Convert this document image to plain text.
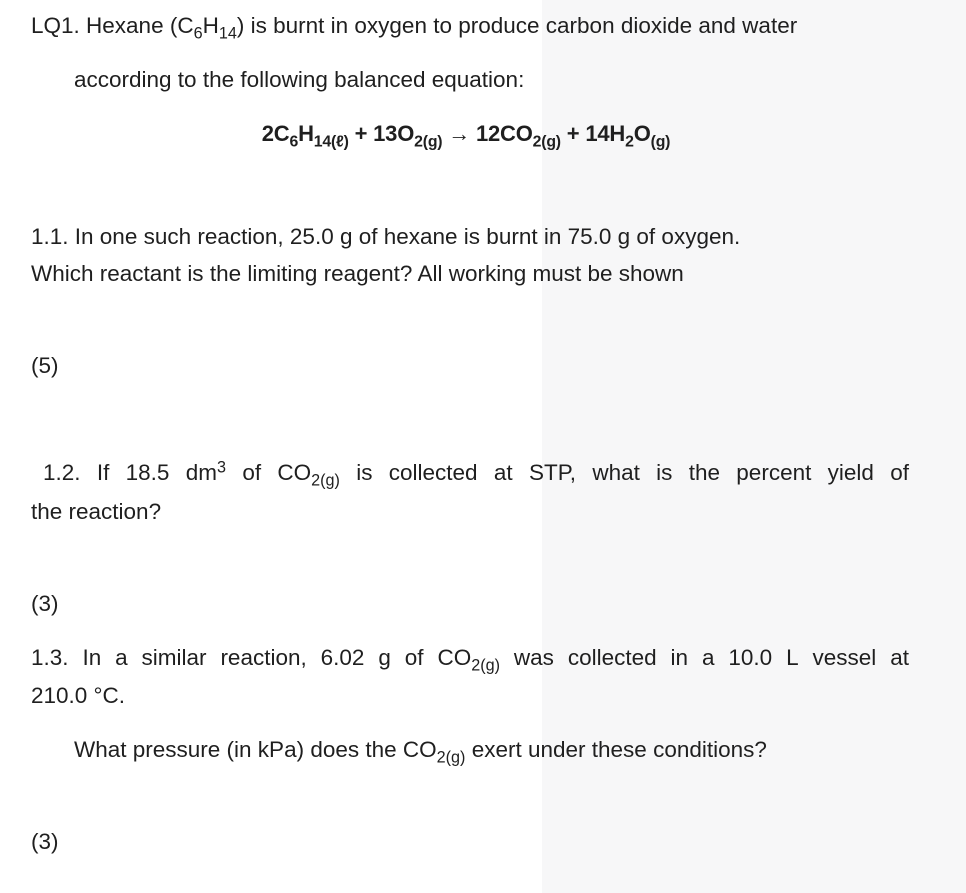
LQ1. Hexane $(C_6H_{14})$ is burnt in oxygen to produce carbon dioxide and water
according to the following balanced equation:
$2C_6H_{14(\ell)} + 13O_{2(g)} \to 12CO_{2(g)} + 14H_2O_{(g)}$
1.1. In one such reaction, 25.0 g of hexane is burnt in 75.0 g of oxygen.
Which reactant is the limiting reagent? All working must be shown
(5)
1.2. If 18.5 $dm^3$ of $CO_{2(g)}$ is collected at STP, what is the percent yield of
the reaction?
(3)
1.3. In a similar reaction, 6.02 g of $CO_{2(g)}$ was collected in a 10.0 L vessel at
210.0 °C.
What pressure (in kPa) does the $CO_{2(g)}$ exert under these conditions?
(3)
